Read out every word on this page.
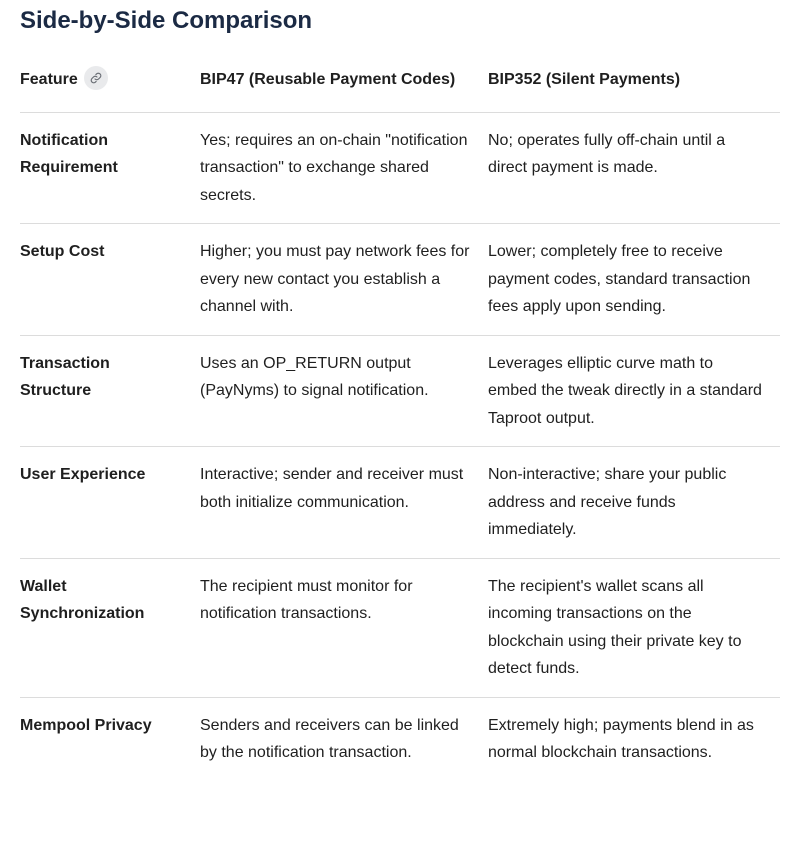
Side-by-Side Comparison
Feature	BIP47 (Reusable Payment Codes)	BIP352 (Silent Payments)
Notification Requirement	Yes; requires an on-chain "notification transaction" to exchange shared secrets.	No; operates fully off-chain until a direct payment is made.
Setup Cost	Higher; you must pay network fees for every new contact you establish a channel with.	Lower; completely free to receive payment codes, standard transaction fees apply upon sending.
Transaction Structure	Uses an OP_RETURN output (PayNyms) to signal notification.	Leverages elliptic curve math to embed the tweak directly in a standard Taproot output.
User Experience	Interactive; sender and receiver must both initialize communication.	Non-interactive; share your public address and receive funds immediately.
Wallet Synchronization	The recipient must monitor for notification transactions.	The recipient's wallet scans all incoming transactions on the blockchain using their private key to detect funds.
Mempool Privacy	Senders and receivers can be linked by the notification transaction.	Extremely high; payments blend in as normal blockchain transactions.
